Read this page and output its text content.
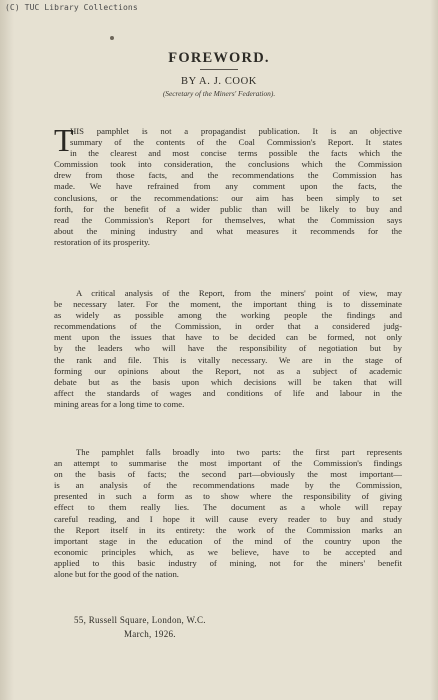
(C) TUC Library Collections
FOREWORD.
BY A. J. COOK
(Secretary of the Miners' Federation).
T
HIS pamphlet is not a propagandist publication. It is an objective
summary of the contents of the Coal Commission's Report. It states
in the clearest and most concise terms possible the facts which the
Commission took into consideration, the conclusions which the Commission
drew from those facts, and the recommendations the Commission has
made. We have refrained from any comment upon the facts, the
conclusions, or the recommendations: our aim has been simply to set
forth, for the benefit of a wider public than will be likely to buy and
read the Commission's Report for themselves, what the Commission says
about the mining industry and what measures it recommends for the
restoration of its prosperity.
A critical analysis of the Report, from the miners' point of view, may
be necessary later. For the moment, the important thing is to disseminate
as widely as possible among the working people the findings and
recommendations of the Commission, in order that a considered judg-
ment upon the issues that have to be decided can be formed, not only
by the leaders who will have the responsibility of negotiation but by
the rank and file. This is vitally necessary. We are in the stage of
forming our opinions about the Report, not as a subject of academic
debate but as the basis upon which decisions will be taken that will
affect the standards of wages and conditions of life and labour in the
mining areas for a long time to come.
The pamphlet falls broadly into two parts: the first part represents
an attempt to summarise the most important of the Commission's findings
on the basis of facts; the second part—obviously the most important—
is an analysis of the recommendations made by the Commission,
presented in such a form as to show where the responsibility of giving
effect to them really lies. The document as a whole will repay
careful reading, and I hope it will cause every reader to buy and study
the Report itself in its entirety: the work of the Commission marks an
important stage in the education of the mind of the country upon the
economic principles which, as we believe, have to be accepted and
applied to this basic industry of mining, not for the miners' benefit
alone but for the good of the nation.
55, Russell Square, London, W.C.
March, 1926.
